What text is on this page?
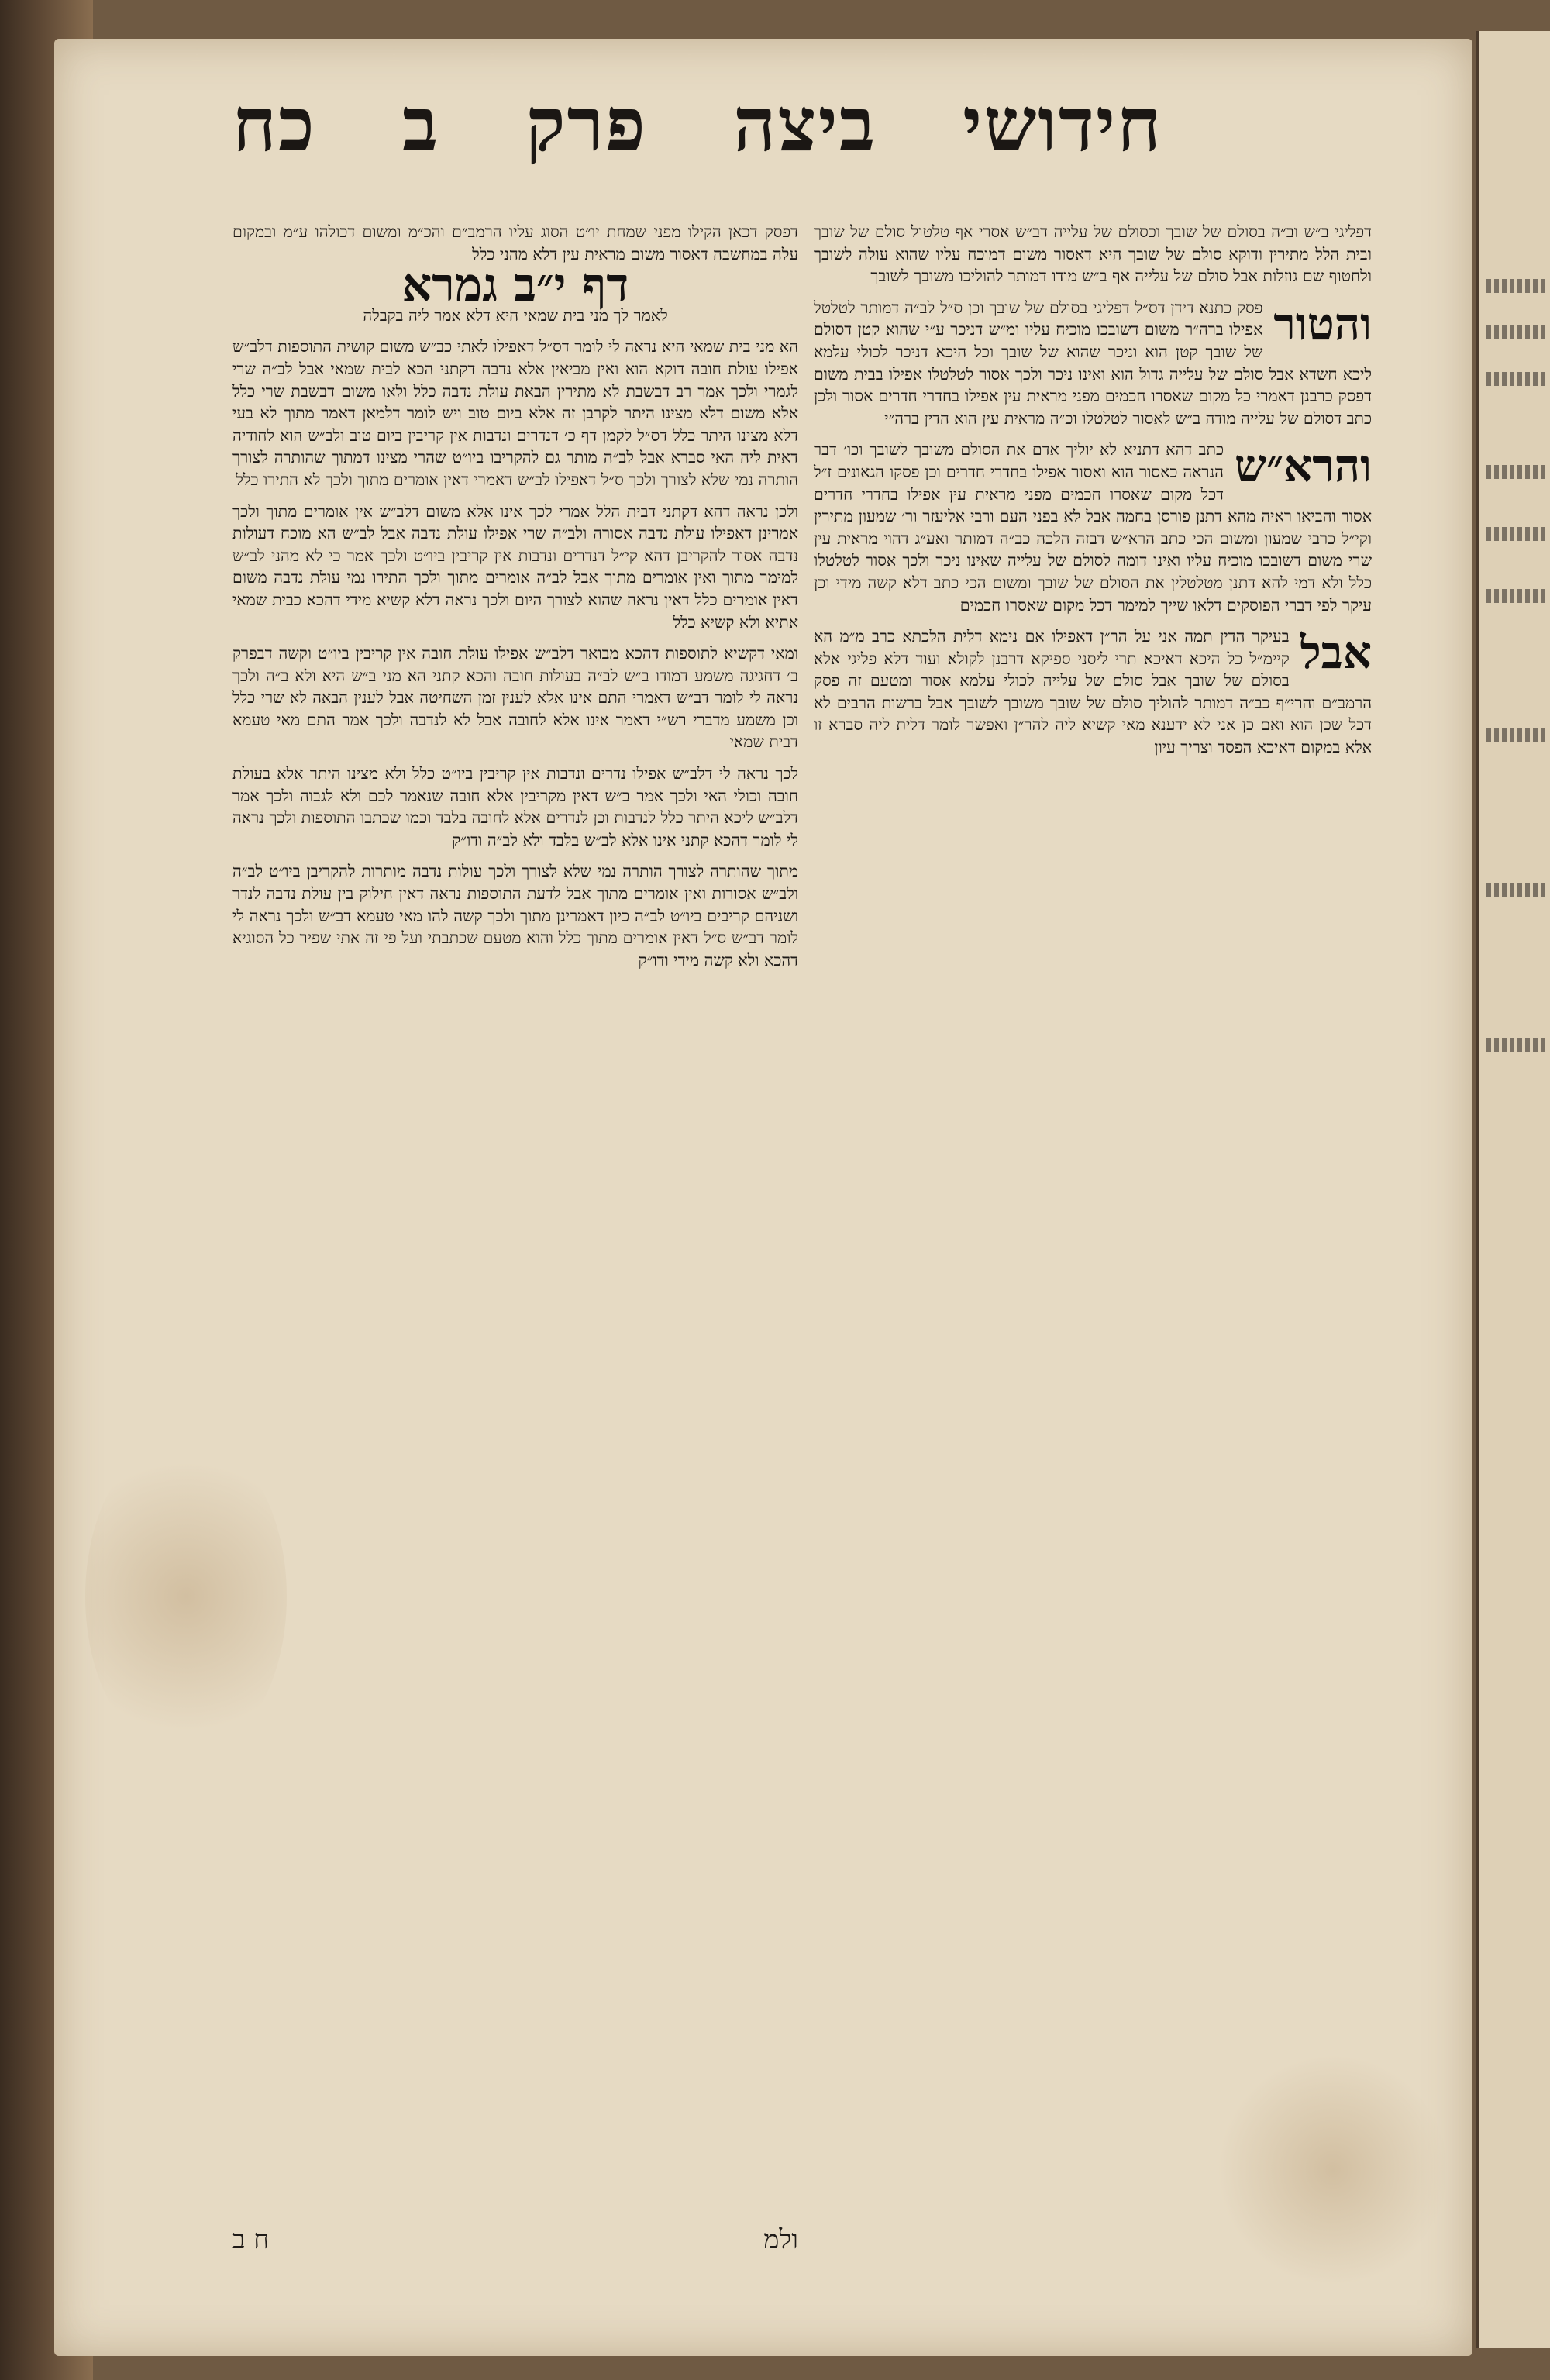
חידושי
ביצה
פרק
ב
כח

דפליגי ב״ש וב״ה בסולם של שובך וכסולם של עלייה דב״ש אסרי אף טלטול סולם של שובך ובית הלל מתירין ודוקא סולם של שובך היא דאסור משום דמוכח עליו שהוא עולה לשובך ולחטוף שם גוזלות אבל סולם של עלייה אף ב״ש מודו דמותר להוליכו משובך לשובך

והטור
פסק כתנא דידן דס״ל דפליגי בסולם של שובך וכן ס״ל לב״ה דמותר לטלטל אפילו ברה״ר משום דשובכו מוכיח עליו ומ״ש דניכר ע״י שהוא קטן דסולם של שובך קטן הוא וניכר שהוא של שובך וכל היכא דניכר לכולי עלמא ליכא חשדא אבל סולם של עלייה גדול הוא ואינו ניכר ולכך אסור לטלטלו אפילו בבית משום דפסק כרבנן דאמרי כל מקום שאסרו חכמים מפני מראית עין אפילו בחדרי חדרים אסור ולכן כתב דסולם של עלייה מודה ב״ש לאסור לטלטלו וכ״ה מראית עין הוא הדין ברה״י

והרא״ש
כתב דהא דתניא לא יוליך אדם את הסולם משובך לשובך וכו׳ דבר הנראה כאסור הוא ואסור אפילו בחדרי חדרים וכן פסקו הגאונים ז״ל דכל מקום שאסרו חכמים מפני מראית עין אפילו בחדרי חדרים אסור והביאו ראיה מהא דתנן פורסן בחמה אבל לא בפני העם ורבי אליעזר ור׳ שמעון מתירין וקי״ל כרבי שמעון ומשום הכי כתב הרא״ש דבזה הלכה כב״ה דמותר ואע״ג דהוי מראית עין שרי משום דשובכו מוכיח עליו ואינו דומה לסולם של עלייה שאינו ניכר ולכך אסור לטלטלו כלל ולא דמי להא דתנן מטלטלין את הסולם של שובך ומשום הכי כתב דלא קשה מידי וכן עיקר לפי דברי הפוסקים דלאו שייך למימר דכל מקום שאסרו חכמים

אבל
בעיקר הדין תמה אני על הר״ן דאפילו אם נימא דלית הלכתא כרב מ״מ הא קיימ״ל כל היכא דאיכא תרי ליסני ספיקא דרבנן לקולא ועוד דלא פליגי אלא בסולם של שובך אבל סולם של עלייה לכולי עלמא אסור ומטעם זה פסק הרמב״ם והרי״ף כב״ה דמותר להוליך סולם של שובך משובך לשובך אבל ברשות הרבים לא דכל שכן הוא ואם כן אני לא ידענא מאי קשיא ליה להר״ן ואפשר לומר דלית ליה סברא זו אלא במקום דאיכא הפסד וצריך עיון

דפסק דכאן הקילו מפני שמחת יו״ט הסוג עליו הרמב״ם והכ״מ ומשום דכולהו ע״מ ובמקום עלה במחשבה דאסור משום מראית עין דלא מהני כלל

דף י״ב גמרא

לאמר לך מני בית שמאי היא דלא אמר ליה בקבלה

הא מני בית שמאי היא נראה לי לומר דס״ל דאפילו לאתי כב״ש משום קושית התוספות דלב״ש אפילו עולת חובה דוקא הוא ואין מביאין אלא נדבה דקתני הכא לבית שמאי אבל לב״ה שרי לגמרי ולכך אמר רב דבשבת לא מתירין הבאת עולת נדבה כלל ולאו משום דבשבת שרי כלל אלא משום דלא מצינו היתר לקרבן זה אלא ביום טוב ויש לומר דלמאן דאמר מתוך לא בעי דלא מצינו היתר כלל דס״ל לקמן דף כ׳ דנדרים ונדבות אין קריבין ביום טוב ולב״ש הוא לחודיה דאית ליה האי סברא אבל לב״ה מותר גם להקריבו ביו״ט שהרי מצינו דמתוך שהותרה לצורך הותרה נמי שלא לצורך ולכך ס״ל דאפילו לב״ש דאמרי דאין אומרים מתוך ולכך לא התירו כלל

ולכן נראה דהא דקתני דבית הלל אמרי לכך אינו אלא משום דלב״ש אין אומרים מתוך ולכך אמרינן דאפילו עולת נדבה אסורה ולב״ה שרי אפילו עולת נדבה אבל לב״ש הא מוכח דעולות נדבה אסור להקריבן דהא קי״ל דנדרים ונדבות אין קריבין ביו״ט ולכך אמר כי לא מהני לב״ש למימר מתוך ואין אומרים מתוך אבל לב״ה אומרים מתוך ולכך התירו נמי עולת נדבה משום דאין אומרים כלל דאין נראה שהוא לצורך היום ולכך נראה דלא קשיא מידי דהכא כבית שמאי אתיא ולא קשיא כלל

ומאי דקשיא לתוספות דהכא מבואר דלב״ש אפילו עולת חובה אין קריבין ביו״ט וקשה דבפרק ב׳ דחגיגה משמע דמודו ב״ש לב״ה בעולות חובה והכא קתני הא מני ב״ש היא ולא ב״ה ולכך נראה לי לומר דב״ש דאמרי התם אינו אלא לענין זמן השחיטה אבל לענין הבאה לא שרי כלל וכן משמע מדברי רש״י דאמר אינו אלא לחובה אבל לא לנדבה ולכך אמר התם מאי טעמא דבית שמאי

לכך נראה לי דלב״ש אפילו נדרים ונדבות אין קריבין ביו״ט כלל ולא מצינו היתר אלא בעולת חובה וכולי האי ולכך אמר ב״ש דאין מקריבין אלא חובה שנאמר לכם ולא לגבוה ולכך אמר דלב״ש ליכא היתר כלל לנדבות וכן לנדרים אלא לחובה בלבד וכמו שכתבו התוספות ולכך נראה לי לומר דהכא קתני אינו אלא לב״ש בלבד ולא לב״ה ודו״ק

מתוך שהותרה לצורך הותרה נמי שלא לצורך ולכך עולות נדבה מותרות להקריבן ביו״ט לב״ה ולב״ש אסורות ואין אומרים מתוך אבל לדעת התוספות נראה דאין חילוק בין עולת נדבה לנדר ושניהם קריבים ביו״ט לב״ה כיון דאמרינן מתוך ולכך קשה להו מאי טעמא דב״ש ולכך נראה לי לומר דב״ש ס״ל דאין אומרים מתוך כלל והוא מטעם שכתבתי ועל פי זה אתי שפיר כל הסוגיא דהכא ולא קשה מידי ודו״ק

ולמ
ח ב
